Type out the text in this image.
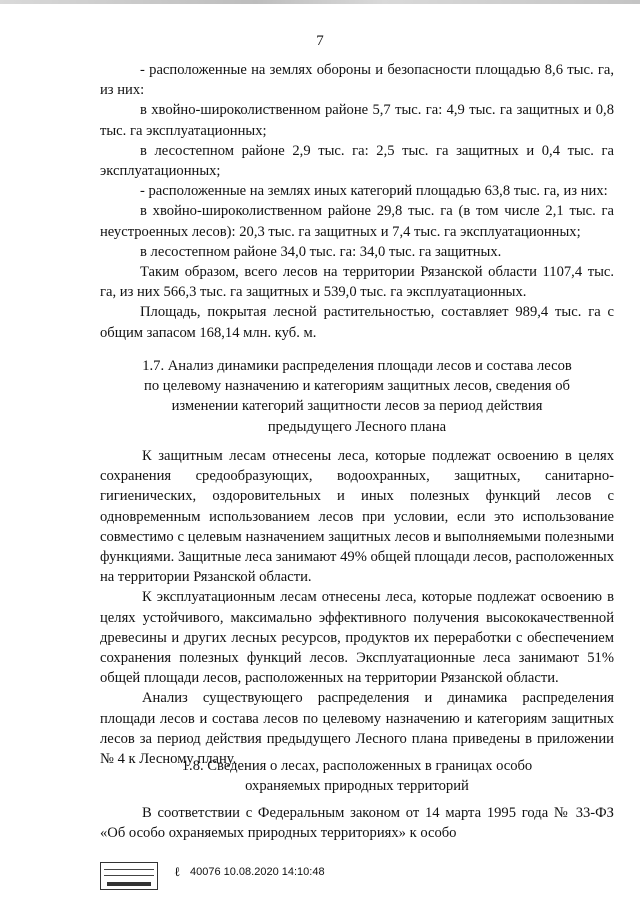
7

- расположенные на землях обороны и безопасности площадью 8,6 тыс. га, из них:

в хвойно-широколиственном районе 5,7 тыс. га: 4,9 тыс. га защитных и 0,8 тыс. га эксплуатационных;

в лесостепном районе 2,9 тыс. га: 2,5 тыс. га защитных и 0,4 тыс. га эксплуатационных;

- расположенные на землях иных категорий площадью 63,8 тыс. га, из них:

в хвойно-широколиственном районе 29,8 тыс. га (в том числе 2,1 тыс. га неустроенных лесов): 20,3 тыс. га защитных и 7,4 тыс. га эксплуатационных;

в лесостепном районе 34,0 тыс. га: 34,0 тыс. га защитных.

Таким образом, всего лесов на территории Рязанской области 1107,4 тыс. га, из них 566,3 тыс. га защитных и 539,0 тыс. га эксплуатационных.

Площадь, покрытая лесной растительностью, составляет 989,4 тыс. га с общим запасом 168,14 млн. куб. м.

1.7. Анализ динамики распределения площади лесов и состава лесов
по целевому назначению и категориям защитных лесов, сведения об
изменении категорий защитности лесов за период действия
предыдущего Лесного плана

К защитным лесам отнесены леса, которые подлежат освоению в целях сохранения средообразующих, водоохранных, защитных, санитарно-гигиенических, оздоровительных и иных полезных функций лесов с одновременным использованием лесов при условии, если это использование совместимо с целевым назначением защитных лесов и выполняемыми полезными функциями. Защитные леса занимают 49% общей площади лесов, расположенных на территории Рязанской области.

К эксплуатационным лесам отнесены леса, которые подлежат освоению в целях устойчивого, максимально эффективного получения высококачественной древесины и других лесных ресурсов, продуктов их переработки с обеспечением сохранения полезных функций лесов. Эксплуатационные леса занимают 51% общей площади лесов, расположенных на территории Рязанской области.

Анализ существующего распределения и динамика распределения площади лесов и состава лесов по целевому назначению и категориям защитных лесов за период действия предыдущего Лесного плана приведены в приложении № 4 к Лесному плану.

1.8. Сведения о лесах, расположенных в границах особо
охраняемых природных территорий

В соответствии с Федеральным законом от 14 марта 1995 года № 33-ФЗ «Об особо охраняемых природных территориях» к особо

ℓ 40076 10.08.2020 14:10:48
